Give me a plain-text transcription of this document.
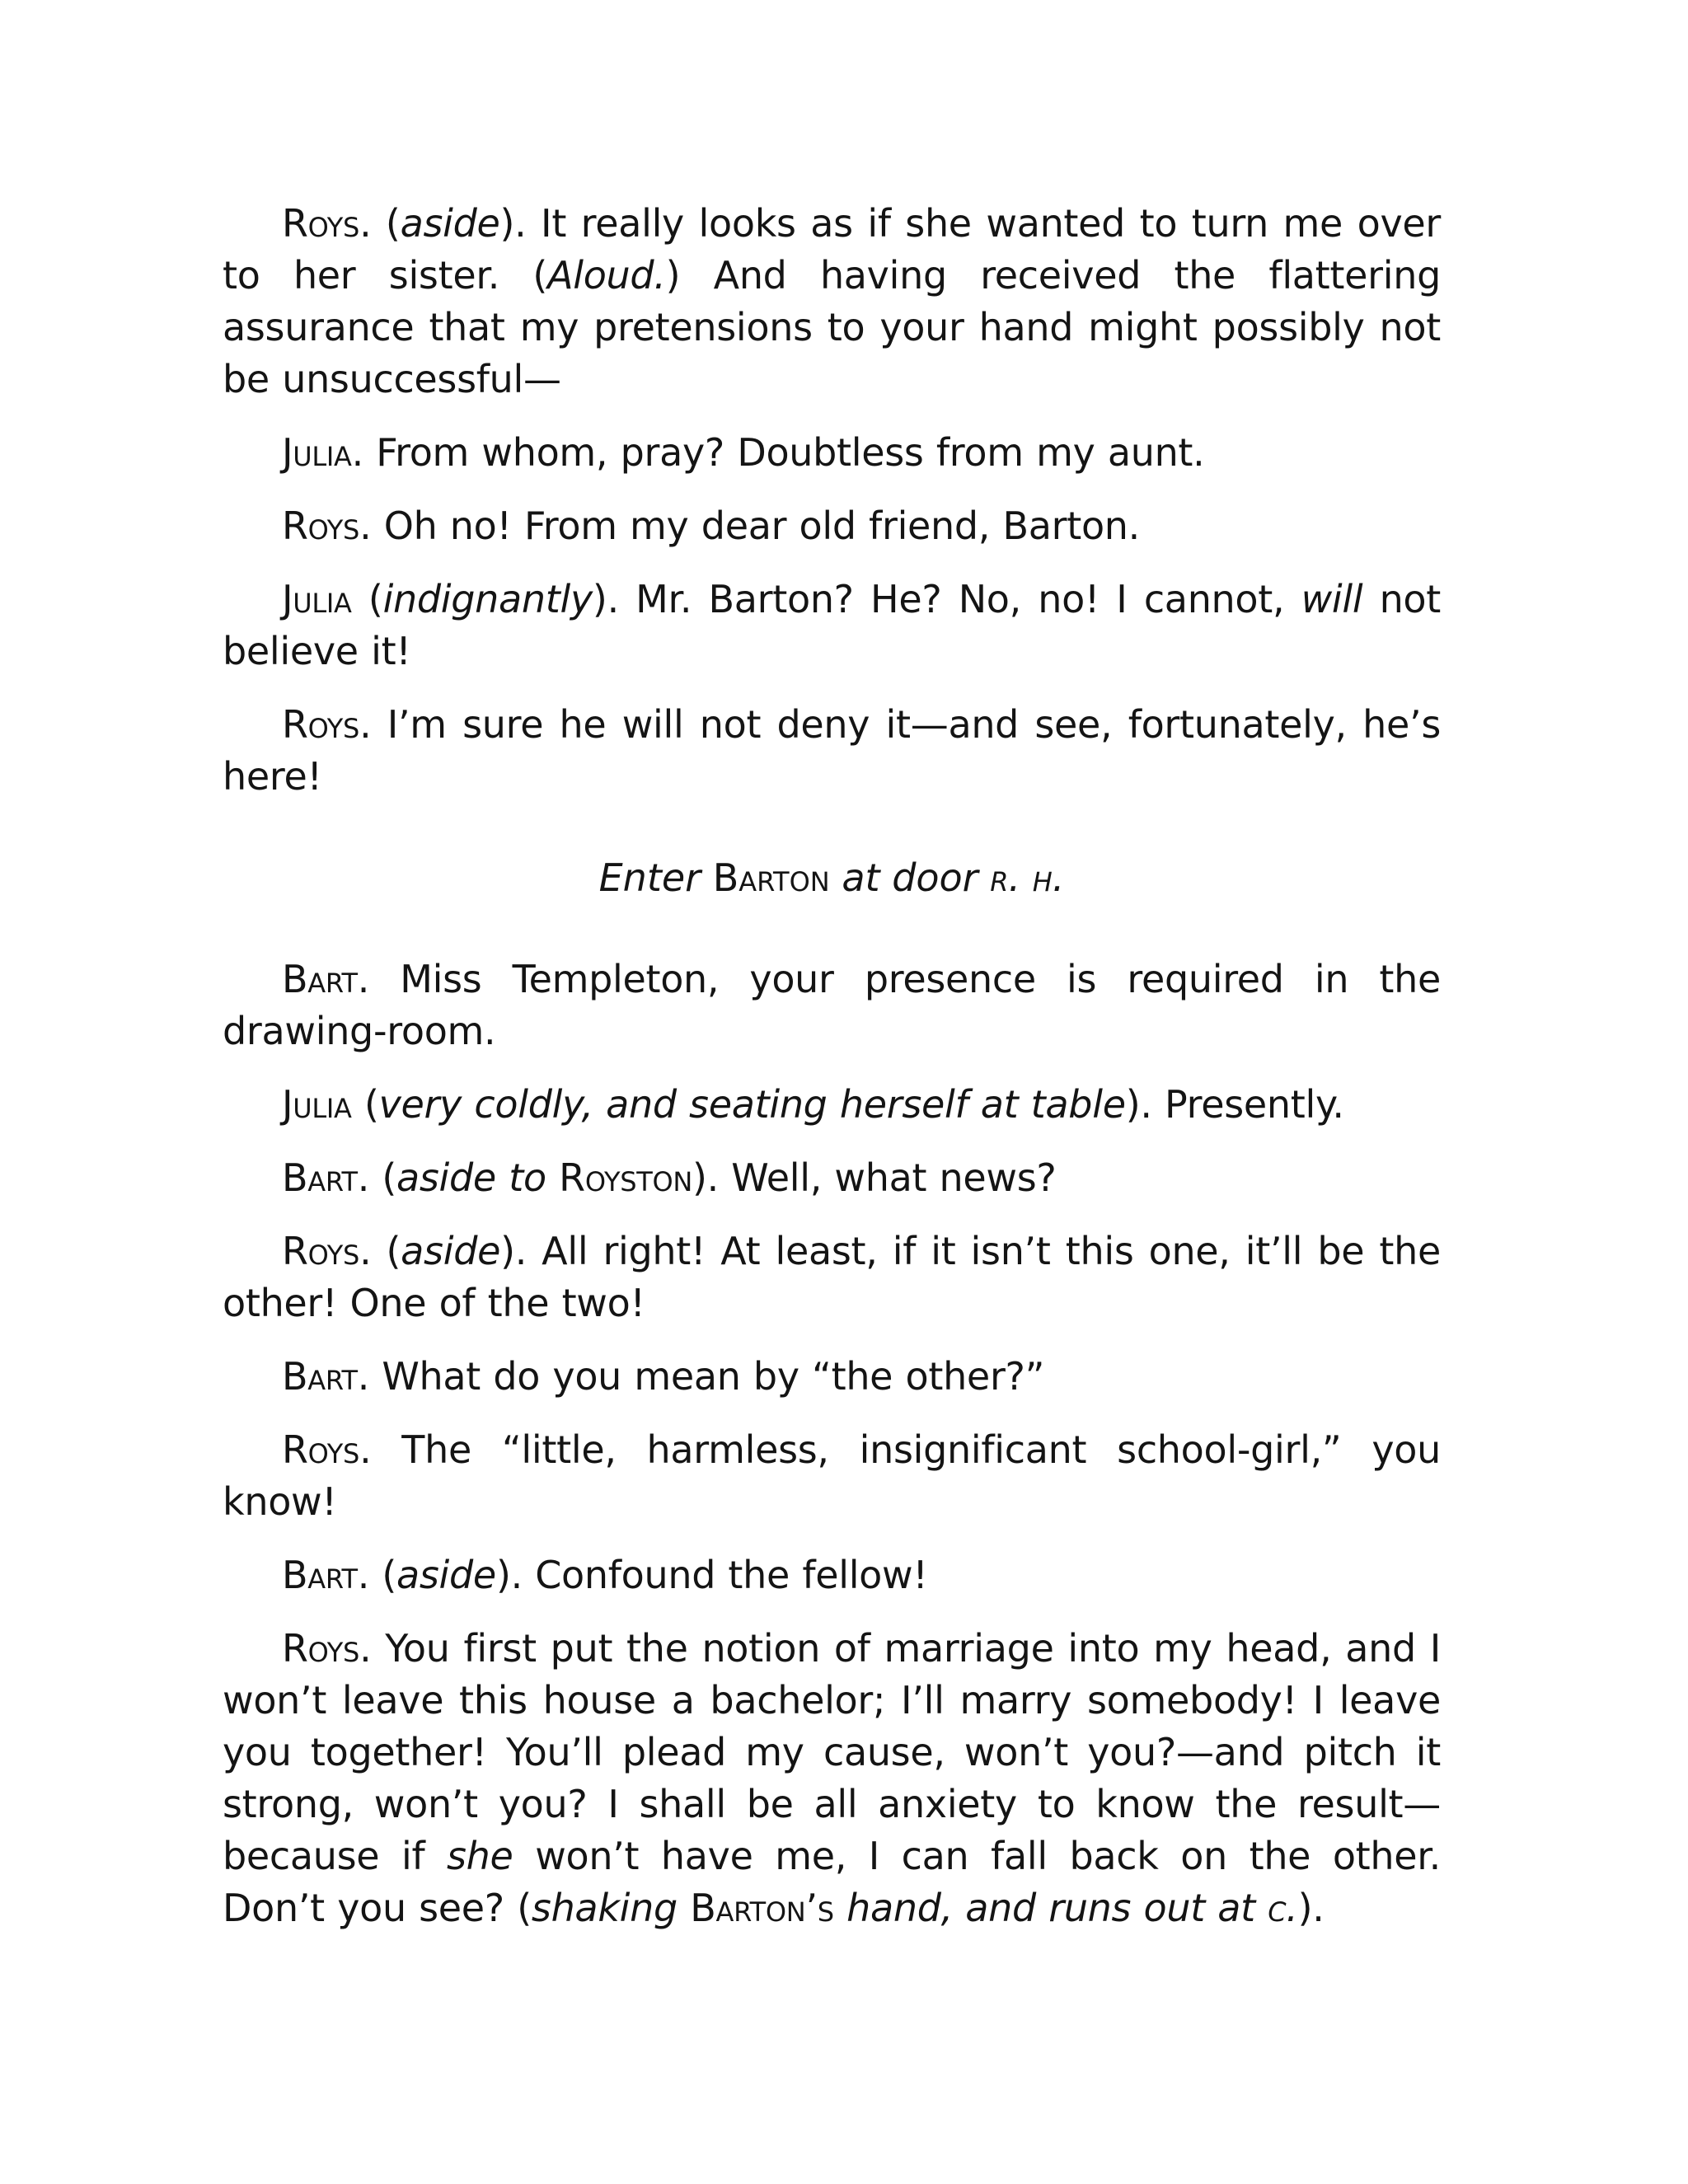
Roys. (aside). It really looks as if she wanted to turn me over to her sister. (Aloud.) And having received the flattering assurance that my pretensions to your hand might possibly not be unsuccessful—

Julia. From whom, pray? Doubtless from my aunt.

Roys. Oh no! From my dear old friend, Barton.

Julia (indignantly). Mr. Barton? He? No, no! I cannot, will not believe it!

Roys. I’m sure he will not deny it—and see, fortunately, he’s here!

Enter Barton at door r. h.

Bart. Miss Templeton, your presence is required in the drawing-room.

Julia (very coldly, and seating herself at table). Presently.

Bart. (aside to Royston). Well, what news?

Roys. (aside). All right! At least, if it isn’t this one, it’ll be the other! One of the two!

Bart. What do you mean by “the other?”

Roys. The “little, harmless, insignificant school-girl,” you know!

Bart. (aside). Confound the fellow!

Roys. You first put the notion of marriage into my head, and I won’t leave this house a bachelor; I’ll marry somebody! I leave you together! You’ll plead my cause, won’t you?—and pitch it strong, won’t you? I shall be all anxiety to know the result—because if she won’t have me, I can fall back on the other. Don’t you see? (shaking Barton’s hand, and runs out at c.).
